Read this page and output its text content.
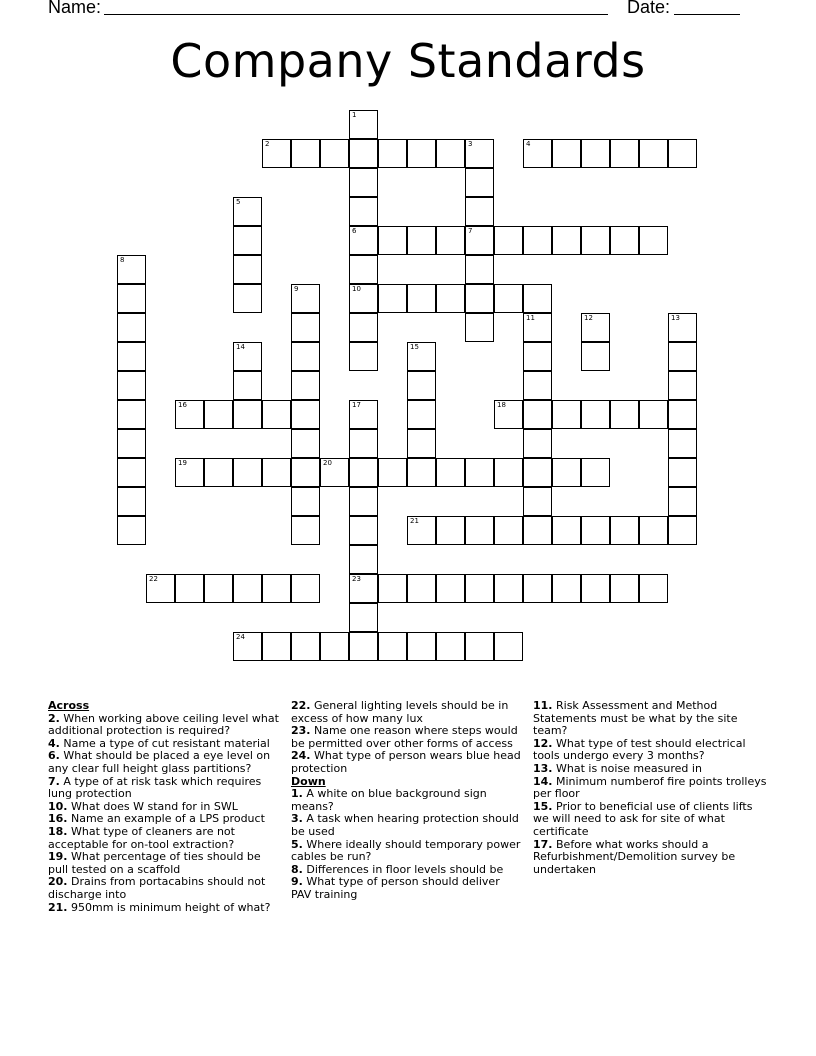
Name:	Date:
Company Standards
1
6
10
2	3
7
4
5
8
9
11	12	13
14	15
16	17
23
18
19	20
21
22
24
Across
2. When working above ceiling level what additional protection is required?
4. Name a type of cut resistant material
6. What should be placed a eye level on any clear full height glass partitions?
7. A type of at risk task which requires lung protection
10. What does W stand for in SWL
16. Name an example of a LPS product
18. What type of cleaners are not acceptable for on-tool extraction?
19. What percentage of ties should be pull tested on a scaffold
20. Drains from portacabins should not discharge into
21. 950mm is minimum height of what?
22. General lighting levels should be in excess of how many lux
23. Name one reason where steps would be permitted over other forms of access
24. What type of person wears blue head protection
Down
1. A white on blue background sign means?
3. A task when hearing protection should be used
5. Where ideally should temporary power cables be run?
8. Differences in floor levels should be
9. What type of person should deliver PAV training
11. Risk Assessment and Method Statements must be what by the site team?
12. What type of test should electrical tools undergo every 3 months?
13. What is noise measured in
14. Minimum numberof fire points trolleys per floor
15. Prior to beneficial use of clients lifts we will need to ask for site of what certificate
17. Before what works should a Refurbishment/Demolition survey be undertaken
